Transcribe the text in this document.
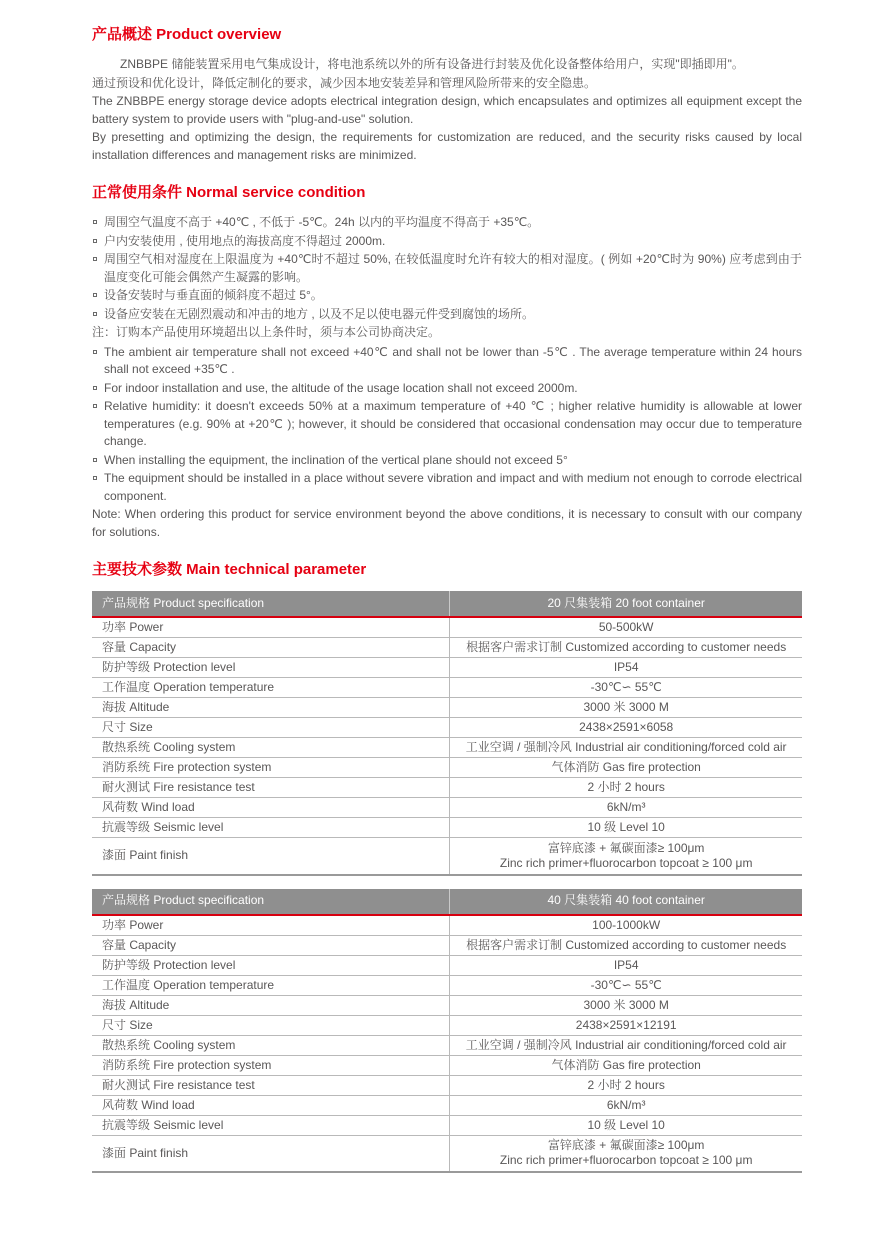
产品概述 Product overview

ZNBBPE 储能装置采用电气集成设计，将电池系统以外的所有设备进行封装及优化设备整体给用户，实现"即插即用"。

通过预设和优化设计，降低定制化的要求，减少因本地安装差异和管理风险所带来的安全隐患。

The ZNBBPE energy storage device adopts electrical integration design, which encapsulates and optimizes all equipment except the battery system to provide users with "plug-and-use" solution.

By presetting and optimizing the design, the requirements for customization are reduced, and the security risks caused by local installation differences and management risks are minimized.

正常使用条件 Normal service condition
周围空气温度不高于 +40℃ , 不低于 -5℃。24h 以内的平均温度不得高于 +35℃。
户内安装使用 , 使用地点的海拔高度不得超过 2000m.
周围空气相对湿度在上限温度为 +40℃时不超过 50%, 在较低温度时允许有较大的相对湿度。( 例如 +20℃时为 90%) 应考虑到由于温度变化可能会偶然产生凝露的影响。
设备安装时与垂直面的倾斜度不超过 5°。
设备应安装在无剧烈震动和冲击的地方 , 以及不足以使电器元件受到腐蚀的场所。

注：订购本产品使用环境超出以上条件时，须与本公司协商决定。

The ambient air temperature shall not exceed +40℃ and shall not be lower than -5℃ . The average temperature within 24 hours shall not exceed +35℃ .
For indoor installation and use, the altitude of the usage location shall not exceed 2000m.
Relative humidity: it doesn't exceeds 50% at a maximum temperature of +40 ℃ ; higher relative humidity is allowable at lower temperatures (e.g. 90% at +20℃ ); however, it should be considered that occasional condensation may occur due to temperature change.
When installing the equipment, the inclination of the vertical plane should not exceed 5°
The equipment should be installed in a place without severe vibration and impact and with medium not enough to corrode electrical component.

Note: When ordering this product for service environment beyond the above conditions, it is necessary to consult with our company for solutions.

主要技术参数 Main technical parameter
产品规格 Product specification	20 尺集装箱 20 foot container
功率 Power	50-500kW
容量 Capacity	根据客户需求订制 Customized according to customer needs
防护等级 Protection level	IP54
工作温度 Operation temperature	-30℃∽ 55℃
海拔 Altitude	3000 米 3000 M
尺寸 Size	2438×2591×6058
散热系统 Cooling system	工业空调 / 强制冷风 Industrial air conditioning/forced cold air
消防系统 Fire protection system	气体消防 Gas fire protection
耐火测试 Fire resistance test	2 小时 2 hours
风荷数 Wind load	6kN/m³
抗震等级 Seismic level	10 级 Level 10
漆面 Paint finish	富锌底漆 + 氟碳面漆≥ 100μm
Zinc rich primer+fluorocarbon topcoat ≥ 100 μm
产品规格 Product specification	40 尺集装箱 40 foot container
功率 Power	100-1000kW
容量 Capacity	根据客户需求订制 Customized according to customer needs
防护等级 Protection level	IP54
工作温度 Operation temperature	-30℃∽ 55℃
海拔 Altitude	3000 米 3000 M
尺寸 Size	2438×2591×12191
散热系统 Cooling system	工业空调 / 强制冷风 Industrial air conditioning/forced cold air
消防系统 Fire protection system	气体消防 Gas fire protection
耐火测试 Fire resistance test	2 小时 2 hours
风荷数 Wind load	6kN/m³
抗震等级 Seismic level	10 级 Level 10
漆面 Paint finish	富锌底漆 + 氟碳面漆≥ 100μm
Zinc rich primer+fluorocarbon topcoat ≥ 100 μm
